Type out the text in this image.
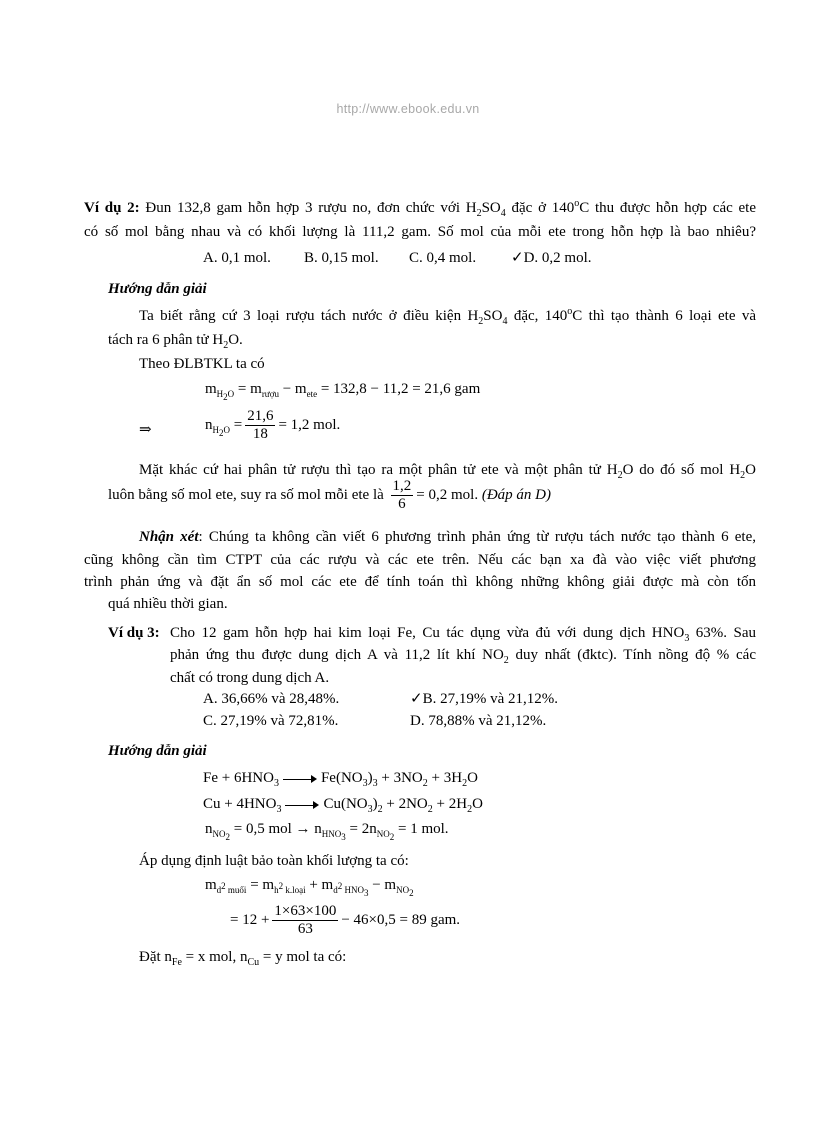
http://www.ebook.edu.vn
Ví dụ 2: Đun 132,8 gam hỗn hợp 3 rượu no, đơn chức với $H_2SO_4$ đặc ở 140$^o$C thu được hỗn hợp các ete
có số mol bằng nhau và có khối lượng là 111,2 gam. Số mol của mỗi ete trong hỗn hợp là bao nhiêu?
A. 0,1 mol. B. 0,15 mol. C. 0,4 mol. ✓D. 0,2 mol.
Hướng dẫn giải
Ta biết rằng cứ 3 loại rượu tách nước ở điều kiện $H_2SO_4$ đặc, 140$^o$C thì tạo thành 6 loại ete và
tách ra 6 phân tử $H_2O$.
Theo ĐLBTKL ta có
$m_{H_2O} = m_{rượu} - m_{ete} = 132,8 - 11,2 = 21,6$ gam
⇒	$n_{H_2O} = \frac{21,6}{18} = 1,2$ mol.
Mặt khác cứ hai phân tử rượu thì tạo ra một phân tử ete và một phân tử $H_2O$ do đó số mol $H_2O$
luôn bằng số mol ete, suy ra số mol mỗi ete là $\frac{1,2}{6} = 0,2$ mol. (Đáp án D)
Nhận xét: Chúng ta không cần viết 6 phương trình phản ứng từ rượu tách nước tạo thành 6 ete,
cũng không cần tìm CTPT của các rượu và các ete trên. Nếu các bạn xa đà vào việc viết phương
trình phản ứng và đặt ẩn số mol các ete để tính toán thì không những không giải được mà còn tốn
quá nhiều thời gian.
Ví dụ 3: Cho 12 gam hỗn hợp hai kim loại Fe, Cu tác dụng vừa đủ với dung dịch $HNO_3$ 63%. Sau
phản ứng thu được dung dịch A và 11,2 lít khí $NO_2$ duy nhất (đktc). Tính nồng độ % các
chất có trong dung dịch A.
A. 36,66% và 28,48%.	✓B. 27,19% và 21,12%.
C. 27,19% và 72,81%.	D. 78,88% và 21,12%.
Hướng dẫn giải
$Fe + 6HNO_3$	$Fe(NO_3)_3 + 3NO_2 + 3H_2O$
$Cu + 4HNO_3$	$Cu(NO_3)_2 + 2NO_2 + 2H_2O$
$n_{NO_2} = 0,5$ mol → $n_{HNO_3} = 2n_{NO_2} = 1$ mol.
Áp dụng định luật bảo toàn khối lượng ta có:
$m_{d^2 muối} = m_{h^2 k.loại} + m_{d^2 HNO_3} - m_{NO_2}$
= $12 + \frac{1\times 63\times 100}{63} - 46\times 0,5 = 89$ gam.
Đặt $n_{Fe} = x$ mol, $n_{Cu} = y$ mol ta có:
